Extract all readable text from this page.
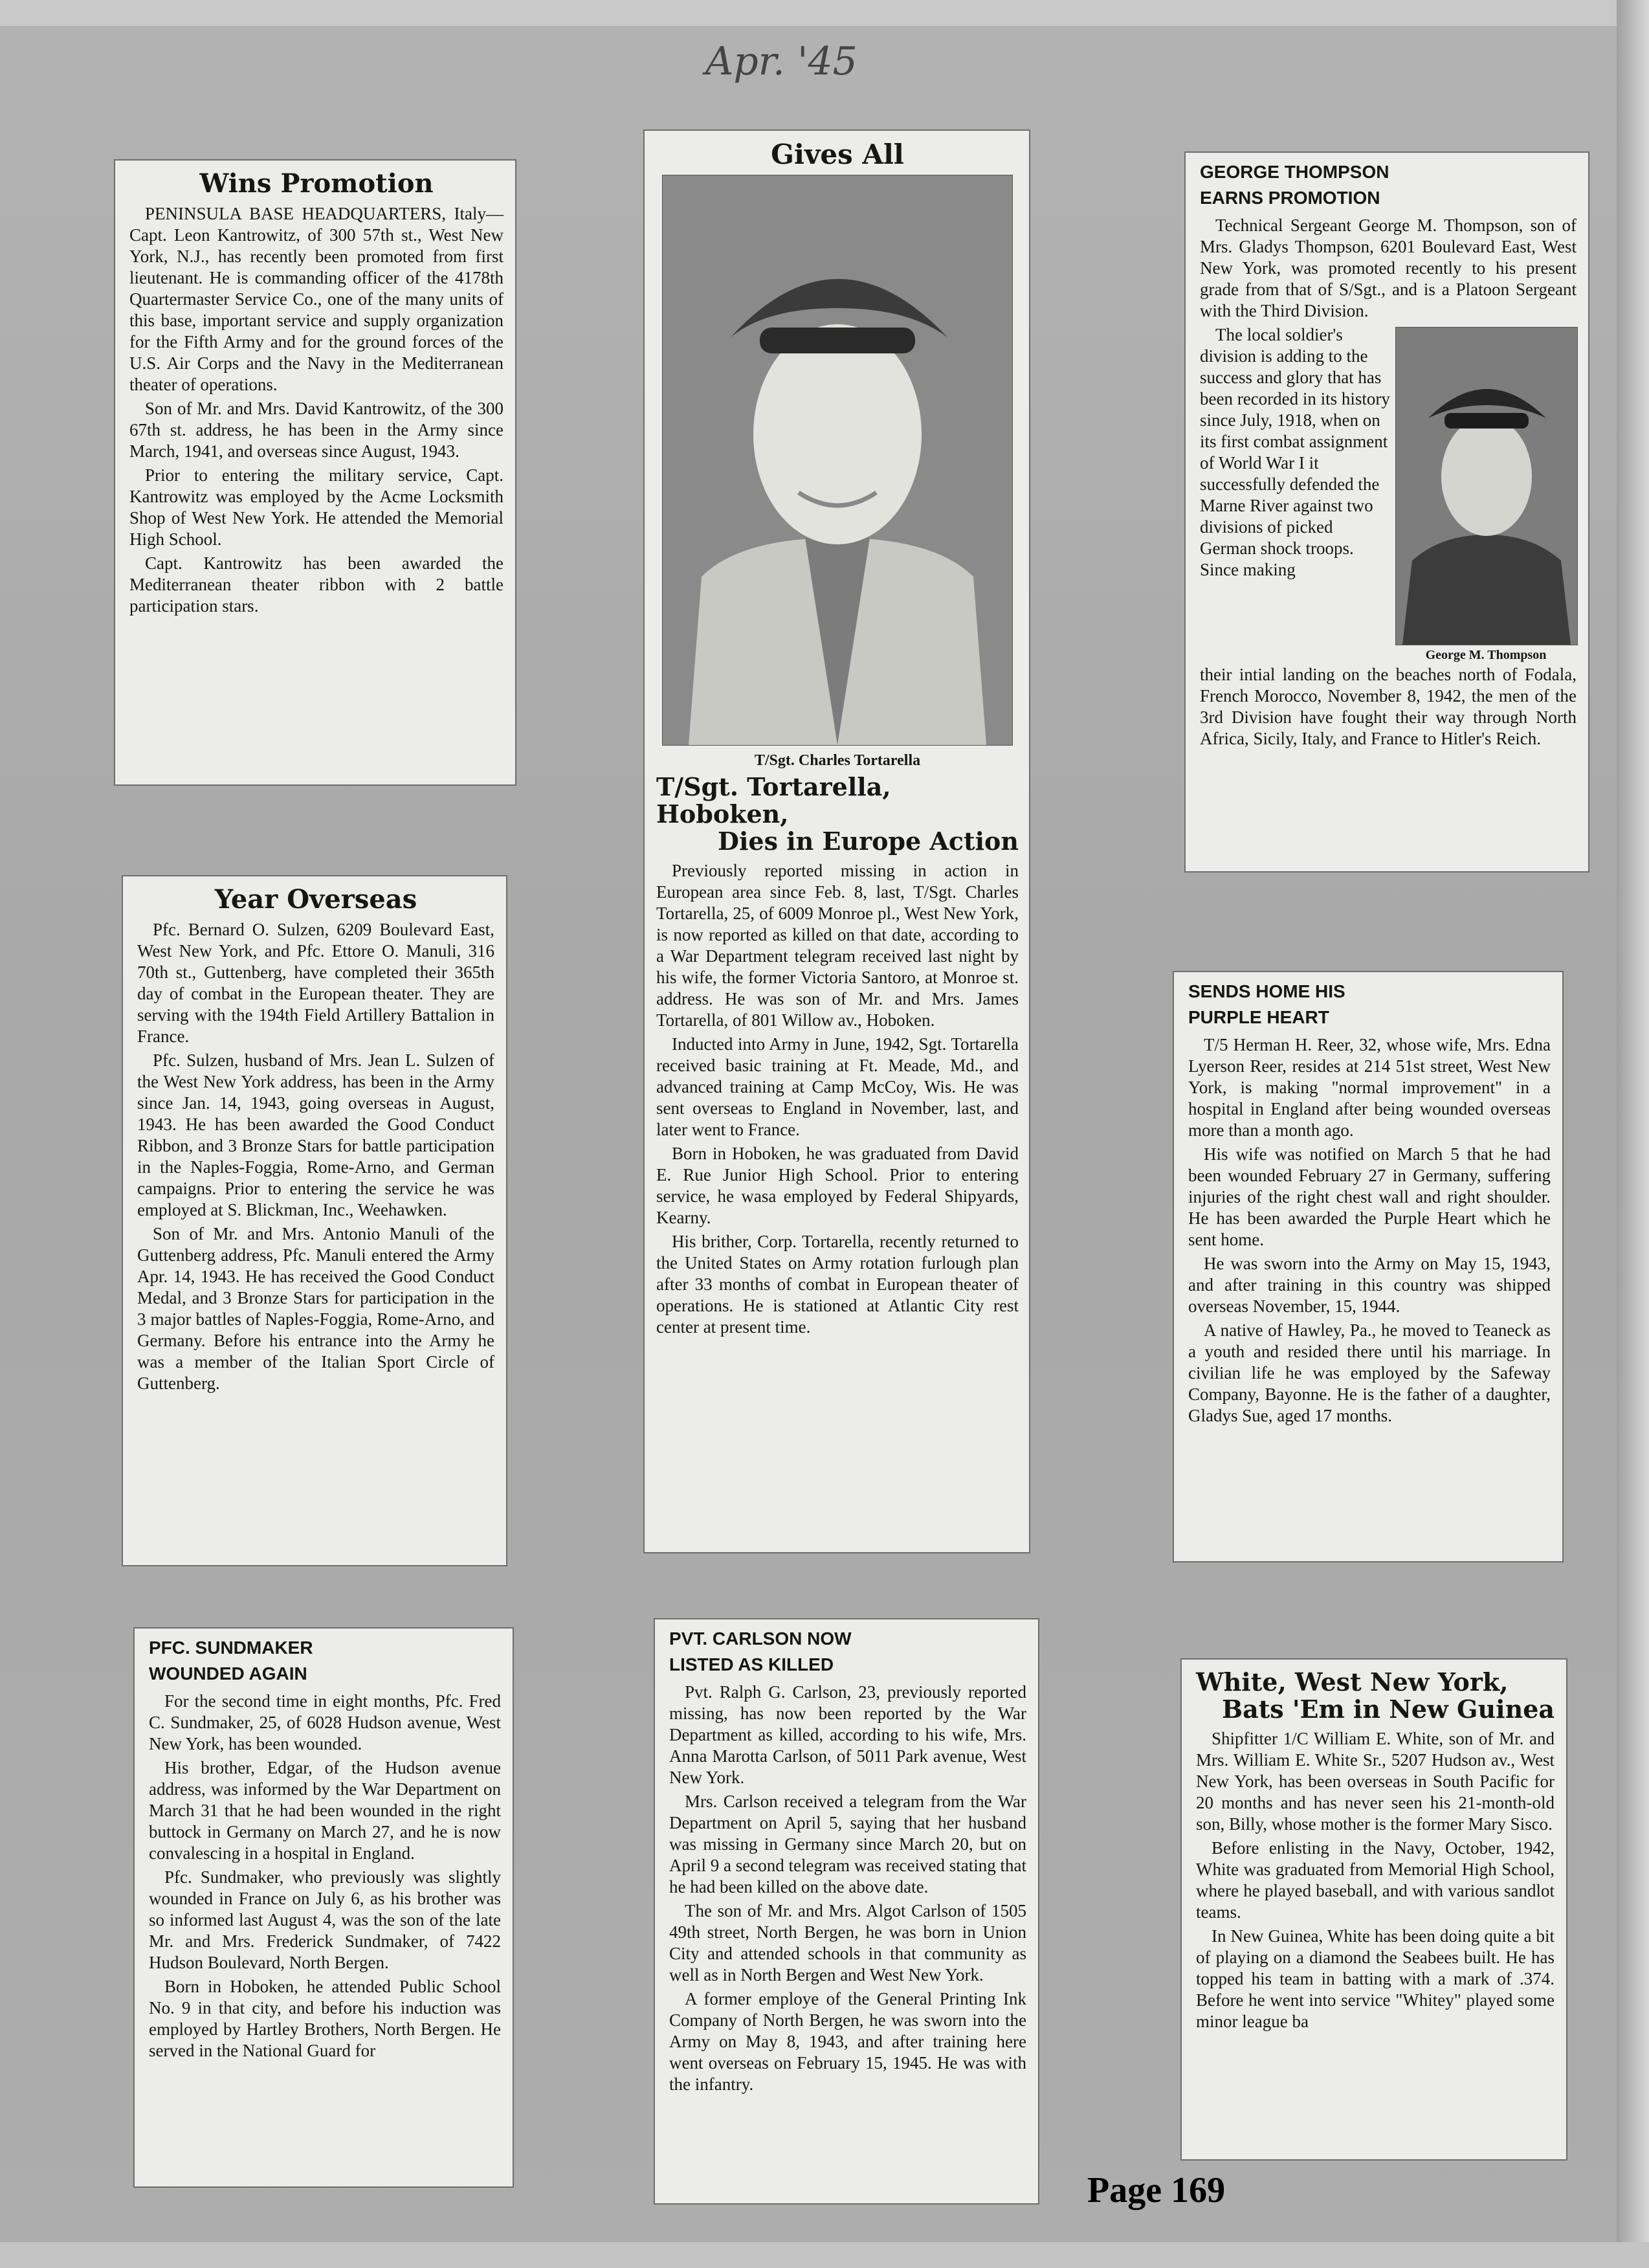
Apr. '45
Wins Promotion

PENINSULA BASE HEADQUARTERS, Italy—Capt. Leon Kantrowitz, of 300 57th st., West New York, N.J., has recently been promoted from first lieutenant. He is commanding officer of the 4178th Quartermaster Service Co., one of the many units of this base, important service and supply organization for the Fifth Army and for the ground forces of the U.S. Air Corps and the Navy in the Mediterranean theater of operations.

Son of Mr. and Mrs. David Kantrowitz, of the 300 67th st. address, he has been in the Army since March, 1941, and overseas since August, 1943.

Prior to entering the military service, Capt. Kantrowitz was employed by the Acme Locksmith Shop of West New York. He attended the Memorial High School.

Capt. Kantrowitz has been awarded the Mediterranean theater ribbon with 2 battle participation stars.

Gives All
T/Sgt. Charles Tortarella
T/Sgt. Tortarella, Hoboken,
Dies in Europe Action

Previously reported missing in action in European area since Feb. 8, last, T/Sgt. Charles Tortarella, 25, of 6009 Monroe pl., West New York, is now reported as killed on that date, according to a War Department telegram received last night by his wife, the former Victoria Santoro, at Monroe st. address. He was son of Mr. and Mrs. James Tortarella, of 801 Willow av., Hoboken.

Inducted into Army in June, 1942, Sgt. Tortarella received basic training at Ft. Meade, Md., and advanced training at Camp McCoy, Wis. He was sent overseas to England in November, last, and later went to France.

Born in Hoboken, he was graduated from David E. Rue Junior High School. Prior to entering service, he wasa employed by Federal Shipyards, Kearny.

His brither, Corp. Tortarella, recently returned to the United States on Army rotation furlough plan after 33 months of combat in European theater of operations. He is stationed at Atlantic City rest center at present time.

GEORGE THOMPSON
EARNS PROMOTION

Technical Sergeant George M. Thompson, son of Mrs. Gladys Thompson, 6201 Boulevard East, West New York, was promoted recently to his present grade from that of S/Sgt., and is a Platoon Sergeant with the Third Division.

George M. Thompson

The local soldier's division is adding to the success and glory that has been recorded in its history since July, 1918, when on its first combat assignment of World War I it successfully defended the Marne River against two divisions of picked German shock troops. Since making

their intial landing on the beaches north of Fodala, French Morocco, November 8, 1942, the men of the 3rd Division have fought their way through North Africa, Sicily, Italy, and France to Hitler's Reich.

Year Overseas

Pfc. Bernard O. Sulzen, 6209 Boulevard East, West New York, and Pfc. Ettore O. Manuli, 316 70th st., Guttenberg, have completed their 365th day of combat in the European theater. They are serving with the 194th Field Artillery Battalion in France.

Pfc. Sulzen, husband of Mrs. Jean L. Sulzen of the West New York address, has been in the Army since Jan. 14, 1943, going overseas in August, 1943. He has been awarded the Good Conduct Ribbon, and 3 Bronze Stars for battle participation in the Naples-Foggia, Rome-Arno, and German campaigns. Prior to entering the service he was employed at S. Blickman, Inc., Weehawken.

Son of Mr. and Mrs. Antonio Manuli of the Guttenberg address, Pfc. Manuli entered the Army Apr. 14, 1943. He has received the Good Conduct Medal, and 3 Bronze Stars for participation in the 3 major battles of Naples-Foggia, Rome-Arno, and Germany. Before his entrance into the Army he was a member of the Italian Sport Circle of Guttenberg.

SENDS HOME HIS
PURPLE HEART

T/5 Herman H. Reer, 32, whose wife, Mrs. Edna Lyerson Reer, resides at 214 51st street, West New York, is making "normal improvement" in a hospital in England after being wounded overseas more than a month ago.

His wife was notified on March 5 that he had been wounded February 27 in Germany, suffering injuries of the right chest wall and right shoulder. He has been awarded the Purple Heart which he sent home.

He was sworn into the Army on May 15, 1943, and after training in this country was shipped overseas November, 15, 1944.

A native of Hawley, Pa., he moved to Teaneck as a youth and resided there until his marriage. In civilian life he was employed by the Safeway Company, Bayonne. He is the father of a daughter, Gladys Sue, aged 17 months.

PFC. SUNDMAKER
WOUNDED AGAIN

For the second time in eight months, Pfc. Fred C. Sundmaker, 25, of 6028 Hudson avenue, West New York, has been wounded.

His brother, Edgar, of the Hudson avenue address, was informed by the War Department on March 31 that he had been wounded in the right buttock in Germany on March 27, and he is now convalescing in a hospital in England.

Pfc. Sundmaker, who previously was slightly wounded in France on July 6, as his brother was so informed last August 4, was the son of the late Mr. and Mrs. Frederick Sundmaker, of 7422 Hudson Boulevard, North Bergen.

Born in Hoboken, he attended Public School No. 9 in that city, and before his induction was employed by Hartley Brothers, North Bergen. He served in the National Guard for

PVT. CARLSON NOW
LISTED AS KILLED

Pvt. Ralph G. Carlson, 23, previously reported missing, has now been reported by the War Department as killed, according to his wife, Mrs. Anna Marotta Carlson, of 5011 Park avenue, West New York.

Mrs. Carlson received a telegram from the War Department on April 5, saying that her husband was missing in Germany since March 20, but on April 9 a second telegram was received stating that he had been killed on the above date.

The son of Mr. and Mrs. Algot Carlson of 1505 49th street, North Bergen, he was born in Union City and attended schools in that community as well as in North Bergen and West New York.

A former employe of the General Printing Ink Company of North Bergen, he was sworn into the Army on May 8, 1943, and after training here went overseas on February 15, 1945. He was with the infantry.

White, West New York,
Bats 'Em in New Guinea

Shipfitter 1/C William E. White, son of Mr. and Mrs. William E. White Sr., 5207 Hudson av., West New York, has been overseas in South Pacific for 20 months and has never seen his 21-month-old son, Billy, whose mother is the former Mary Sisco.

Before enlisting in the Navy, October, 1942, White was graduated from Memorial High School, where he played baseball, and with various sandlot teams.

In New Guinea, White has been doing quite a bit of playing on a diamond the Seabees built. He has topped his team in batting with a mark of .374. Before he went into service "Whitey" played some minor league ba

Page 169
